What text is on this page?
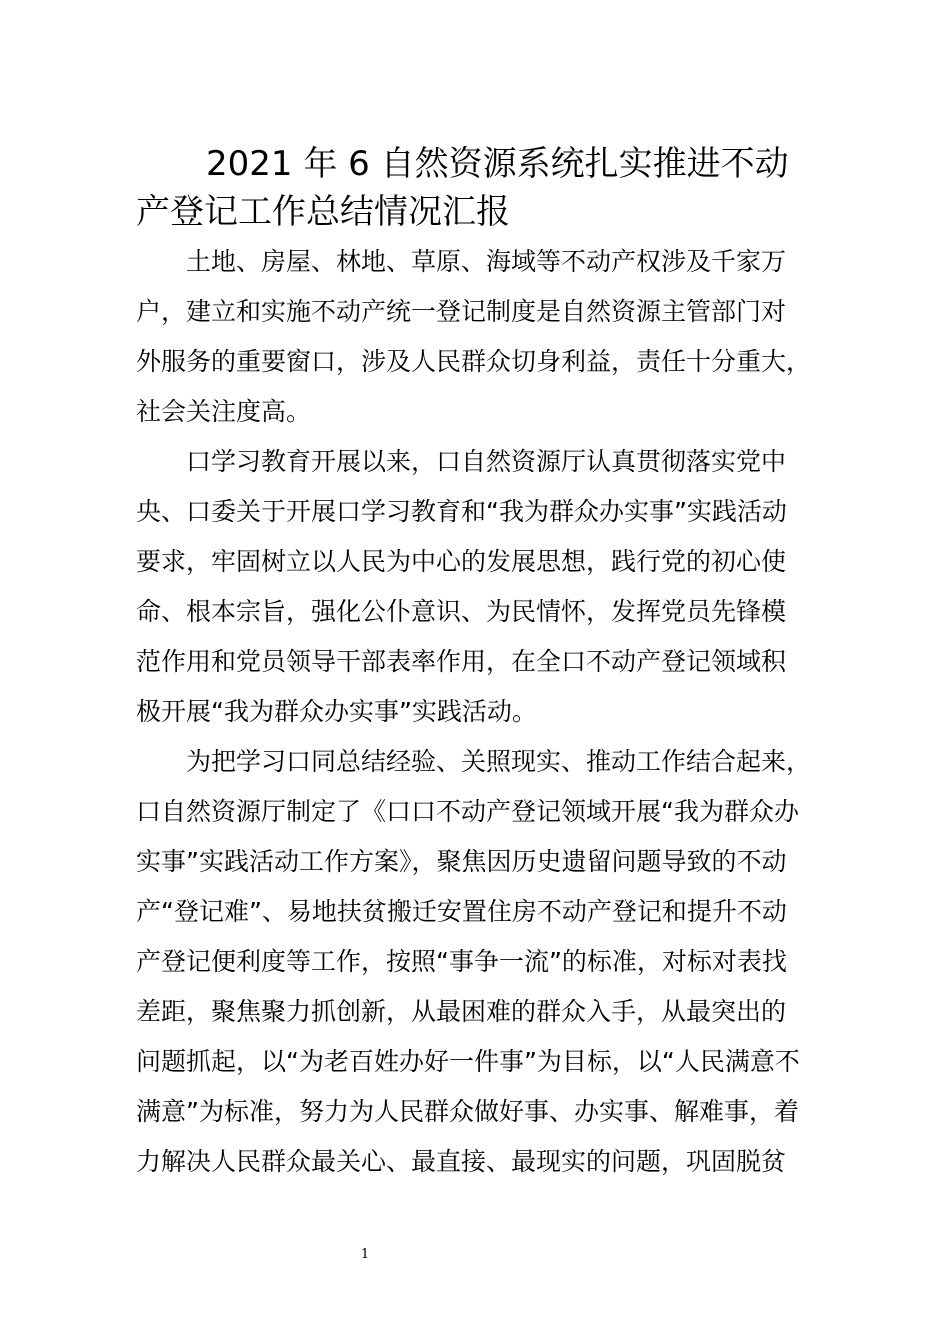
2021 年 6 自然资源系统扎实推进不动
产登记工作总结情况汇报
土地、房屋、林地、草原、海域等不动产权涉及千家万
户，建立和实施不动产统一登记制度是自然资源主管部门对
外服务的重要窗口，涉及人民群众切身利益，责任十分重大，
社会关注度高。
口学习教育开展以来，口自然资源厅认真贯彻落实党中
央、口委关于开展口学习教育和“我为群众办实事”实践活动
要求，牢固树立以人民为中心的发展思想，践行党的初心使
命、根本宗旨，强化公仆意识、为民情怀，发挥党员先锋模
范作用和党员领导干部表率作用，在全口不动产登记领域积
极开展“我为群众办实事”实践活动。
为把学习口同总结经验、关照现实、推动工作结合起来，
口自然资源厅制定了《口口不动产登记领域开展“我为群众办
实事”实践活动工作方案》，聚焦因历史遗留问题导致的不动
产“登记难”、易地扶贫搬迁安置住房不动产登记和提升不动
产登记便利度等工作，按照“事争一流”的标准，对标对表找
差距，聚焦聚力抓创新，从最困难的群众入手，从最突出的
问题抓起，以“为老百姓办好一件事”为目标，以“人民满意不
满意”为标准，努力为人民群众做好事、办实事、解难事，着
力解决人民群众最关心、最直接、最现实的问题，巩固脱贫
1
